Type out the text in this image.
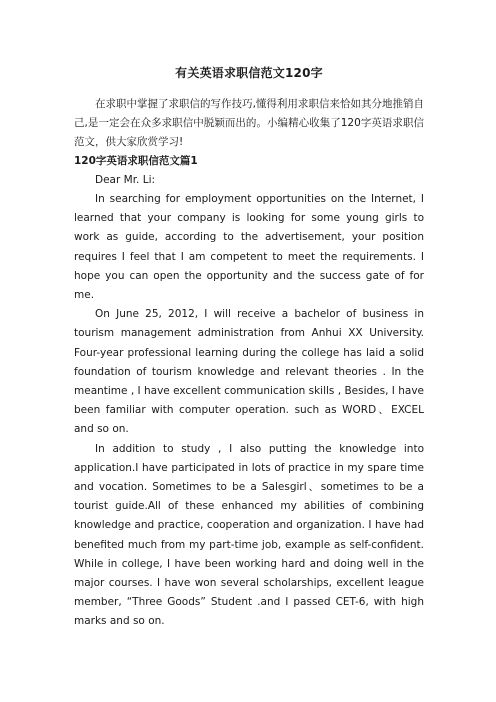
有关英语求职信范文120字

在求职中掌握了求职信的写作技巧,懂得利用求职信来恰如其分地推销自己,是一定会在众多求职信中脱颖而出的。小编精心收集了120字英语求职信范文，供大家欣赏学习!

120字英语求职信范文篇1

Dear Mr. Li:

In searching for employment opportunities on the Internet, I learned that your company is looking for some young girls to work as guide, according to the advertisement, your position requires I feel that I am competent to meet the requirements. I hope you can open the opportunity and the success gate of for me.

On June 25, 2012, I will receive a bachelor of business in tourism management administration from Anhui XX University. Four-year professional learning during the college has laid a solid foundation of tourism knowledge and relevant theories . In the meantime , I have excellent communication skills , Besides, I have been familiar with computer operation. such as WORD、EXCEL and so on.

In addition to study , I also putting the knowledge into application.I have participated in lots of practice in my spare time and vocation. Sometimes to be a Salesgirl、sometimes to be a tourist guide.All of these enhanced my abilities of combining knowledge and practice, cooperation and organization. I have had benefited much from my part-time job, example as self-confident. While in college, I have been working hard and doing well in the major courses. I have won several scholarships, excellent league member, “Three Goods” Student .and I passed CET-6, with high marks and so on.
